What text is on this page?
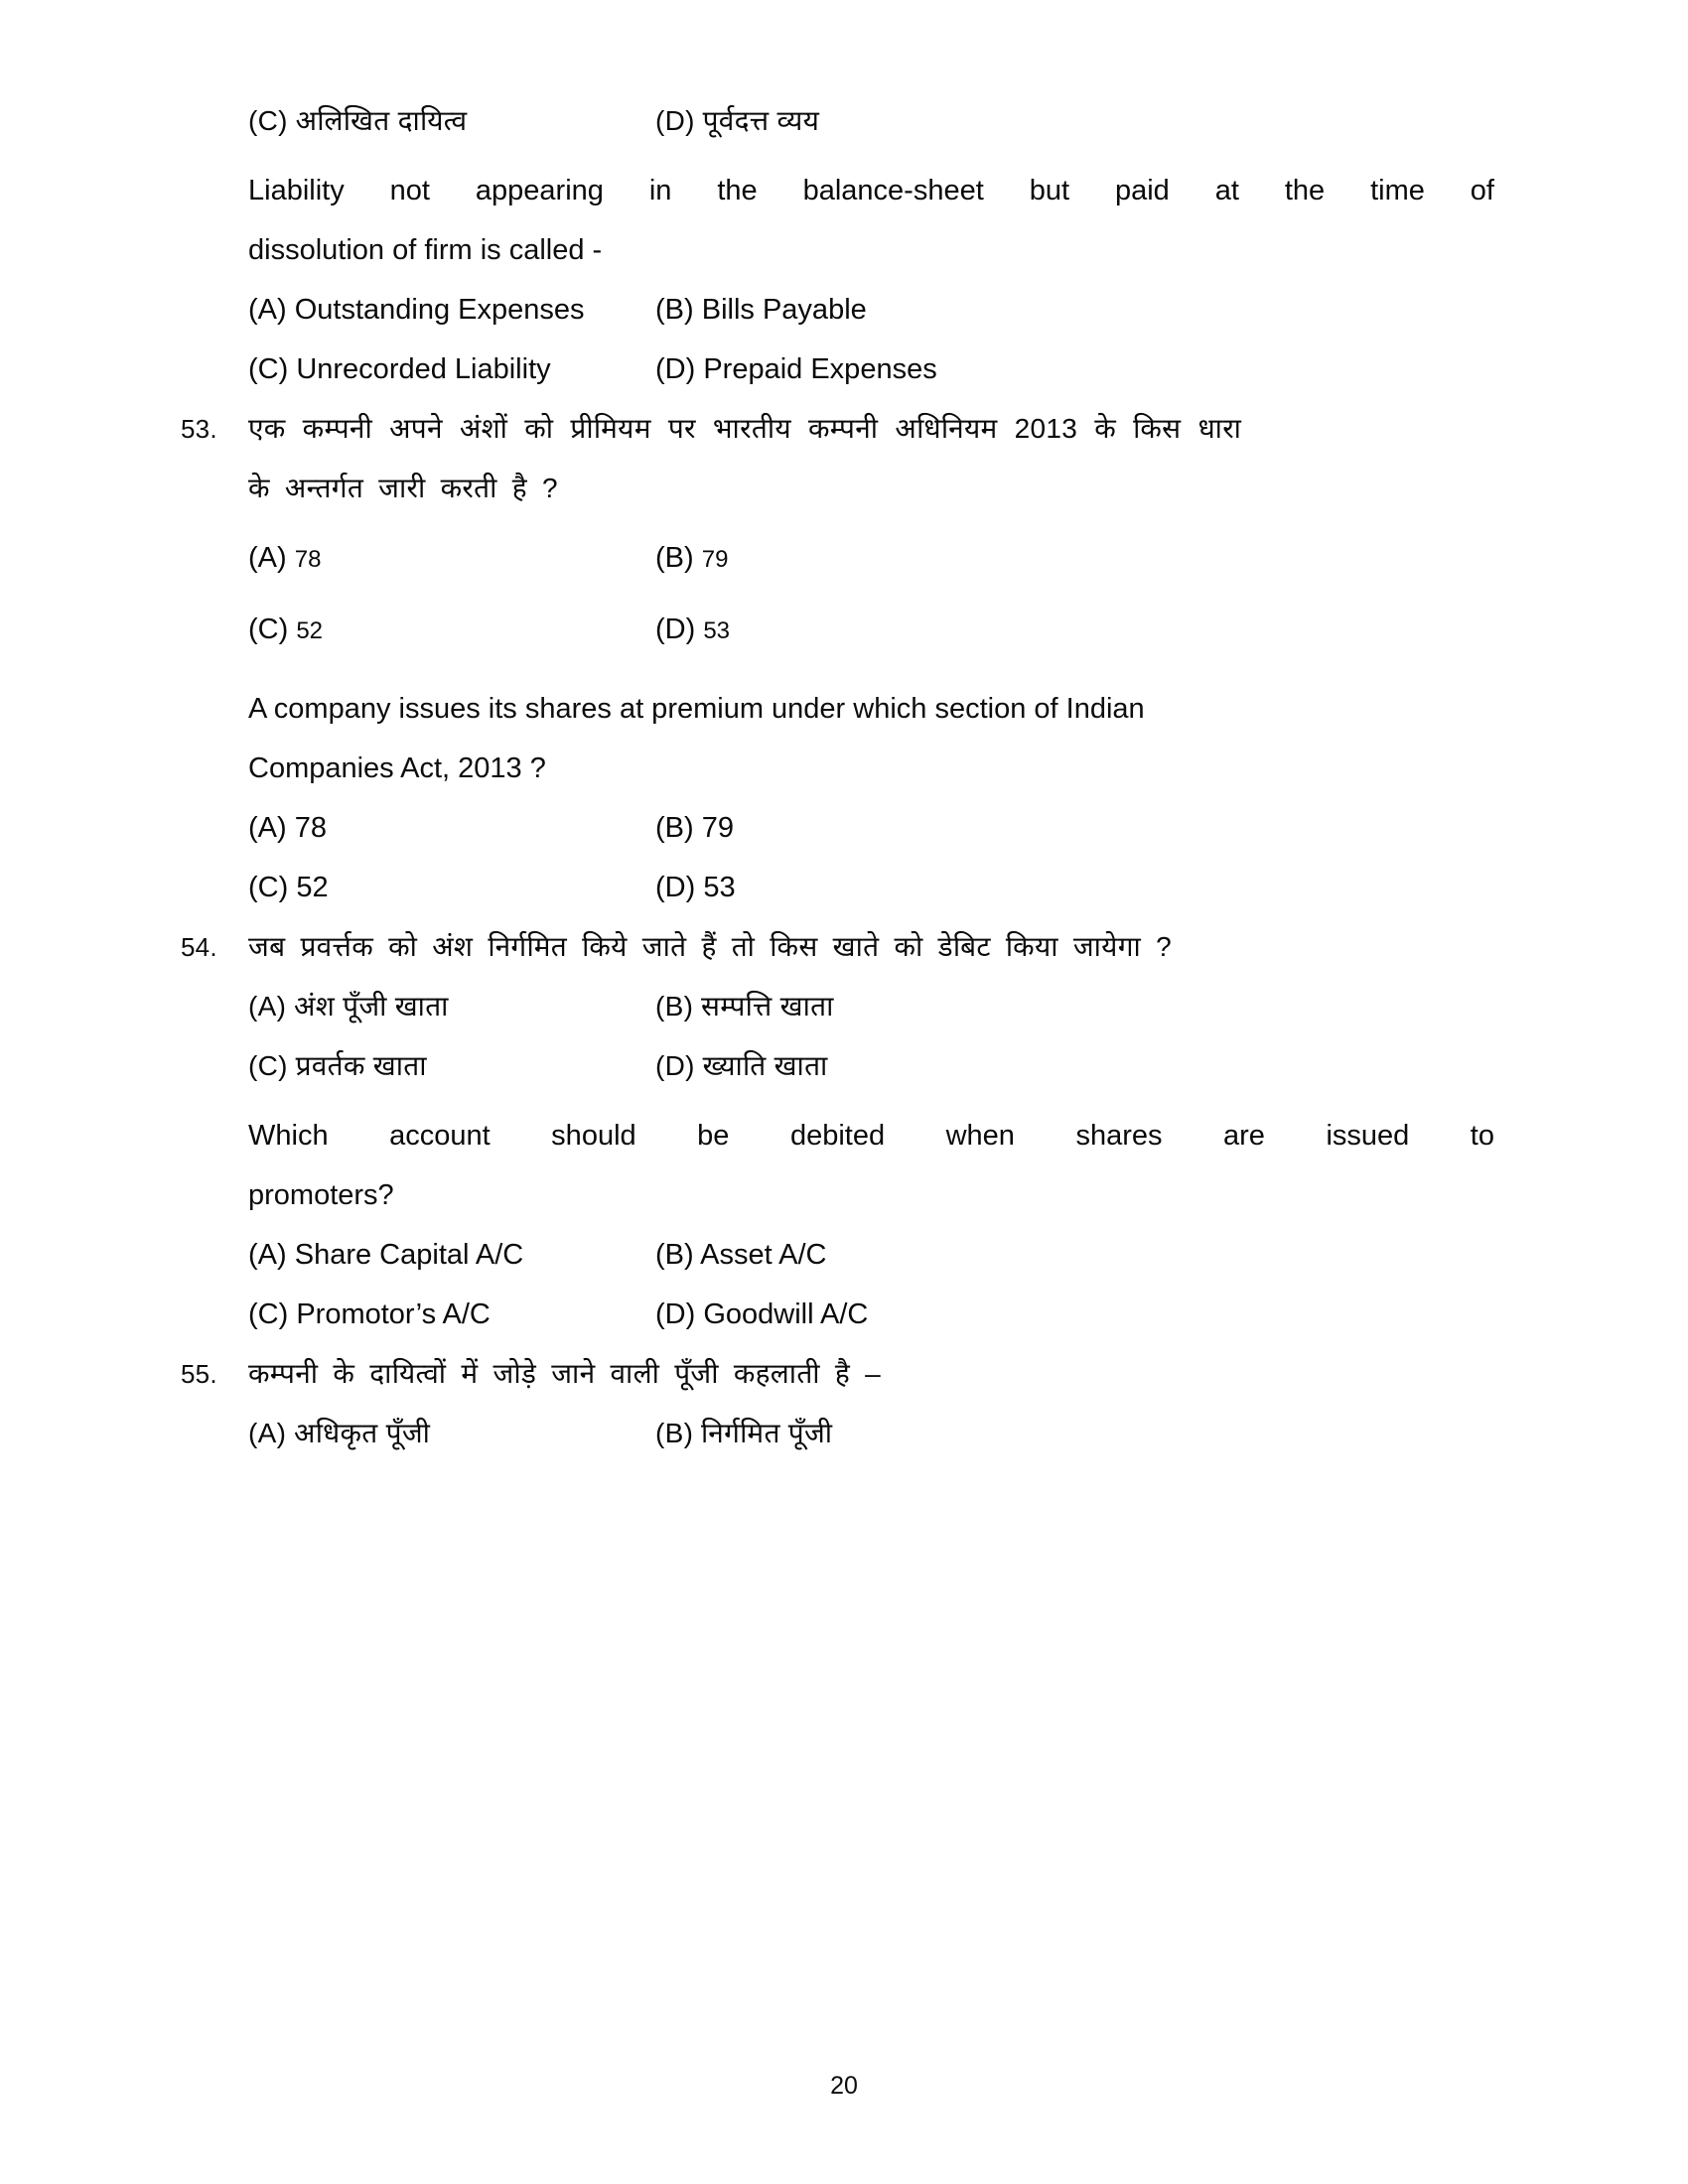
(C) अलिखित दायित्व	(D) पूर्वदत्त व्यय
Liability not appearing in the balance-sheet but paid at the time of
dissolution of firm is called -
(A) Outstanding Expenses	(B) Bills Payable
(C) Unrecorded Liability	(D) Prepaid Expenses
53.	एक कम्पनी अपने अंशों को प्रीमियम पर भारतीय कम्पनी अधिनियम 2013 के किस धारा
के अन्तर्गत जारी करती है ?
(A) 78	(B) 79
(C) 52	(D) 53
A company issues its shares at premium under which section of Indian
Companies Act, 2013 ?
(A) 78	(B) 79
(C) 52	(D) 53
54.	जब प्रवर्त्तक को अंश निर्गमित किये जाते हैं तो किस खाते को डेबिट किया जायेगा ?
(A) अंश पूँजी खाता	(B) सम्पत्ति खाता
(C) प्रवर्तक खाता	(D) ख्याति खाता
Which account should be debited when shares are issued to
promoters?
(A) Share Capital A/C	(B) Asset A/C
(C) Promotor’s A/C	(D) Goodwill A/C
55.	कम्पनी के दायित्वों में जोड़े जाने वाली पूँजी कहलाती है –
(A) अधिकृत पूँजी	(B) निर्गमित पूँजी
20
